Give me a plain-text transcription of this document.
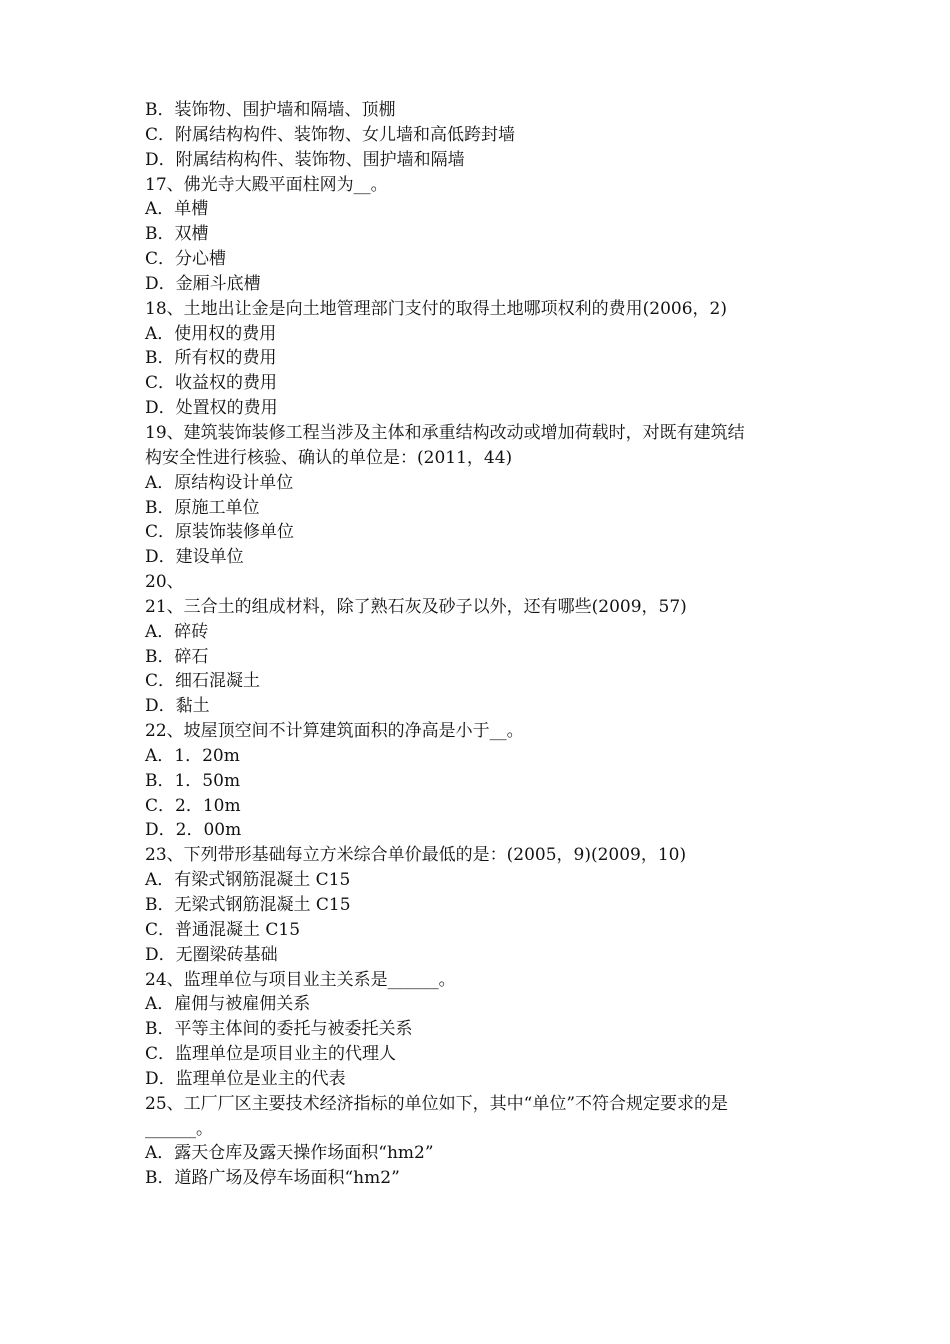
B．装饰物、围护墙和隔墙、顶棚
C．附属结构构件、装饰物、女儿墙和高低跨封墙
D．附属结构构件、装饰物、围护墙和隔墙
17、佛光寺大殿平面柱网为__。
A．单槽
B．双槽
C．分心槽
D．金厢斗底槽
18、土地出让金是向土地管理部门支付的取得土地哪项权利的费用(2006，2)
A．使用权的费用
B．所有权的费用
C．收益权的费用
D．处置权的费用
19、建筑装饰装修工程当涉及主体和承重结构改动或增加荷载时，对既有建筑结
构安全性进行核验、确认的单位是：(2011，44)
A．原结构设计单位
B．原施工单位
C．原装饰装修单位
D．建设单位
20、
21、三合土的组成材料，除了熟石灰及砂子以外，还有哪些(2009，57)
A．碎砖
B．碎石
C．细石混凝土
D．黏土
22、坡屋顶空间不计算建筑面积的净高是小于__。
A．1．20m
B．1．50m
C．2．10m
D．2．00m
23、下列带形基础每立方米综合单价最低的是：(2005，9)(2009，10)
A．有梁式钢筋混凝土 C15
B．无梁式钢筋混凝土 C15
C．普通混凝土 C15
D．无圈梁砖基础
24、监理单位与项目业主关系是______。
A．雇佣与被雇佣关系
B．平等主体间的委托与被委托关系
C．监理单位是项目业主的代理人
D．监理单位是业主的代表
25、工厂厂区主要技术经济指标的单位如下，其中“单位”不符合规定要求的是
______。
A．露天仓库及露天操作场面积“hm2”
B．道路广场及停车场面积“hm2”
